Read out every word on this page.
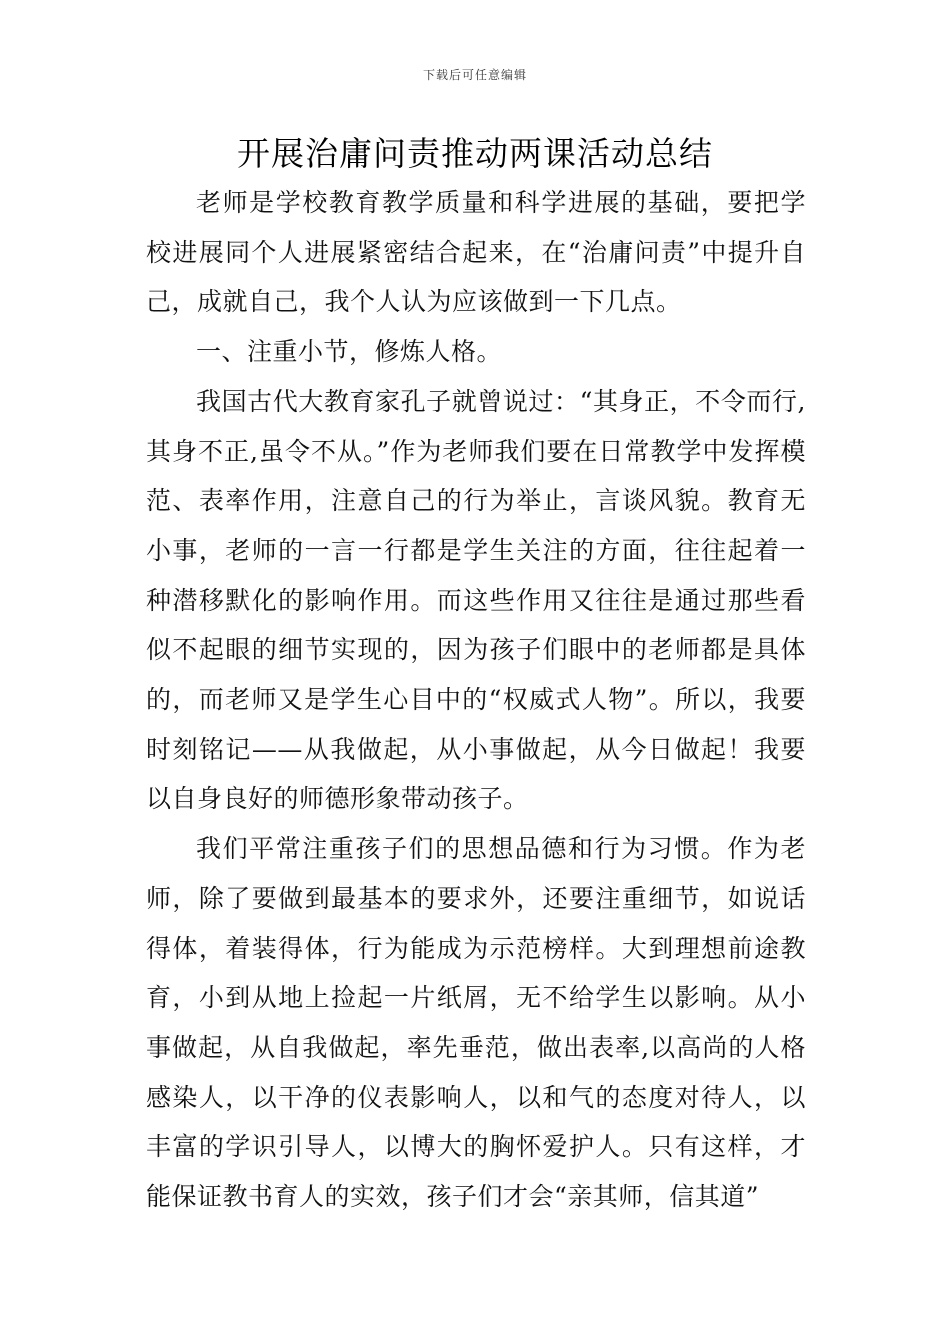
下载后可任意编辑
开展治庸问责推动两课活动总结

老师是学校教育教学质量和科学进展的基础，要把学校进展同个人进展紧密结合起来，在“治庸问责”中提升自己，成就自己，我个人认为应该做到一下几点。

一、注重小节，修炼人格。

我国古代大教育家孔子就曾说过：“其身正，不令而行,其身不正,虽令不从。”作为老师我们要在日常教学中发挥模范、表率作用，注意自己的行为举止，言谈风貌。教育无小事，老师的一言一行都是学生关注的方面，往往起着一种潜移默化的影响作用。而这些作用又往往是通过那些看似不起眼的细节实现的，因为孩子们眼中的老师都是具体的，而老师又是学生心目中的“权威式人物”。所以，我要时刻铭记——从我做起，从小事做起，从今日做起！我要以自身良好的师德形象带动孩子。

我们平常注重孩子们的思想品德和行为习惯。作为老师，除了要做到最基本的要求外，还要注重细节，如说话得体，着装得体，行为能成为示范榜样。大到理想前途教育，小到从地上捡起一片纸屑，无不给学生以影响。从小事做起，从自我做起，率先垂范，做出表率,以高尚的人格感染人，以干净的仪表影响人，以和气的态度对待人，以丰富的学识引导人，以博大的胸怀爱护人。只有这样，才能保证教书育人的实效，孩子们才会“亲其师，信其道”
